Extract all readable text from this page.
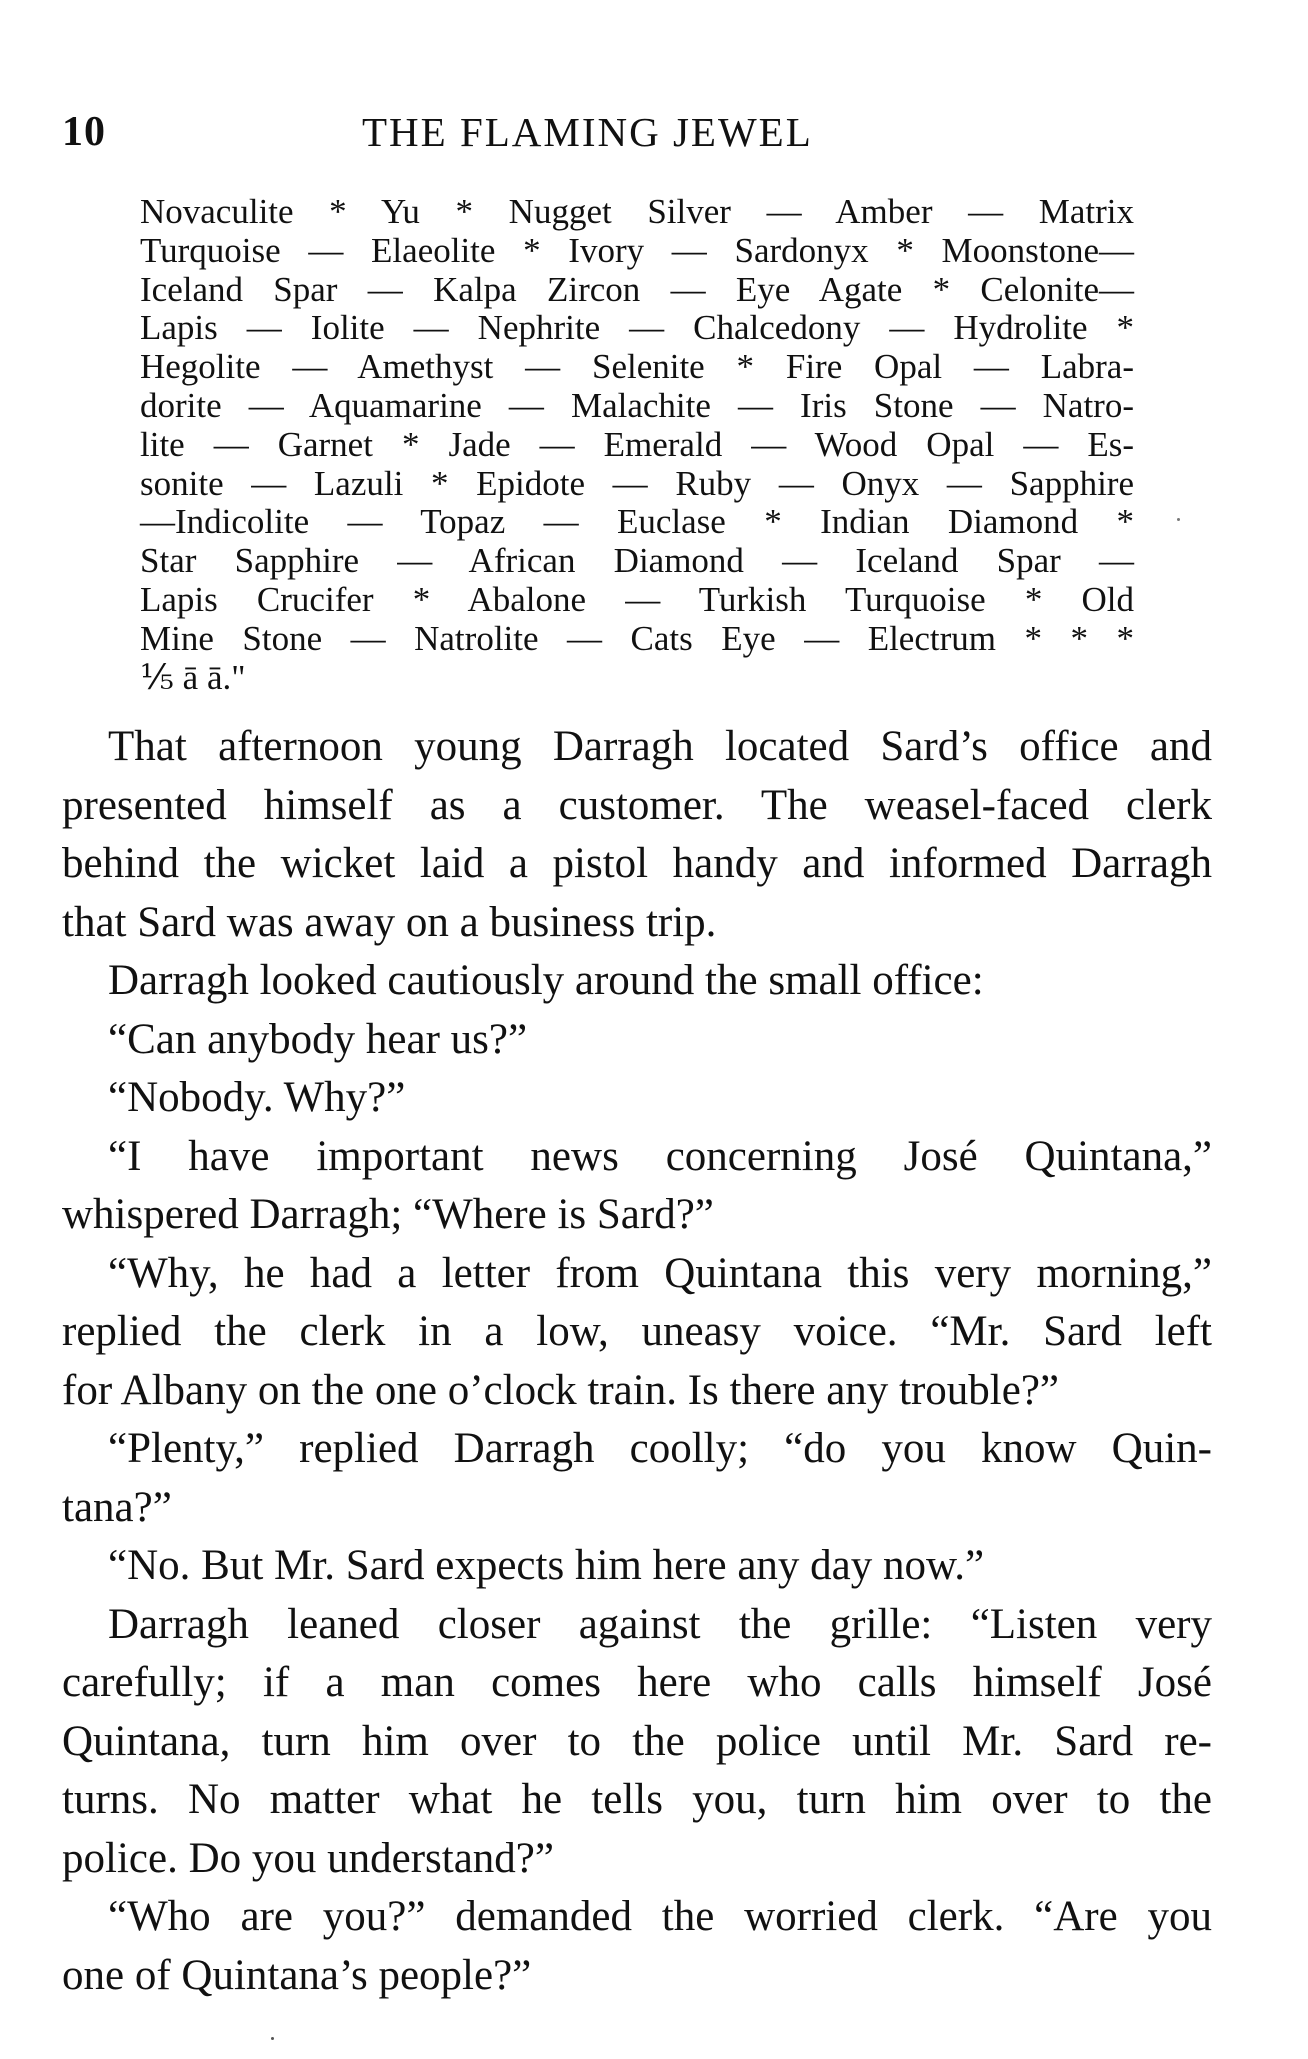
10	THE FLAMING JEWEL
Novaculite * Yu * Nugget Silver — Amber — Matrix
Turquoise — Elaeolite * Ivory — Sardonyx * Moonstone—
Iceland Spar — Kalpa Zircon — Eye Agate * Celonite—
Lapis — Iolite — Nephrite — Chalcedony — Hydrolite *
Hegolite — Amethyst — Selenite * Fire Opal — Labra-
dorite — Aquamarine — Malachite — Iris Stone — Natro-
lite — Garnet * Jade — Emerald — Wood Opal — Es-
sonite — Lazuli * Epidote — Ruby — Onyx — Sapphire
—Indicolite — Topaz — Euclase * Indian Diamond *
Star Sapphire — African Diamond — Iceland Spar —
Lapis Crucifer * Abalone — Turkish Turquoise * Old
Mine Stone — Natrolite — Cats Eye — Electrum * * *
⅕ ā ā."
That afternoon young Darragh located Sard’s office and
presented himself as a customer. The weasel-faced clerk
behind the wicket laid a pistol handy and informed Darragh
that Sard was away on a business trip.
Darragh looked cautiously around the small office:
“Can anybody hear us?”
“Nobody. Why?”
“I have important news concerning José Quintana,”
whispered Darragh; “Where is Sard?”
“Why, he had a letter from Quintana this very morning,”
replied the clerk in a low, uneasy voice. “Mr. Sard left
for Albany on the one o’clock train. Is there any trouble?”
“Plenty,” replied Darragh coolly; “do you know Quin-
tana?”
“No. But Mr. Sard expects him here any day now.”
Darragh leaned closer against the grille: “Listen very
carefully; if a man comes here who calls himself José
Quintana, turn him over to the police until Mr. Sard re-
turns. No matter what he tells you, turn him over to the
police. Do you understand?”
“Who are you?” demanded the worried clerk. “Are you
one of Quintana’s people?”
